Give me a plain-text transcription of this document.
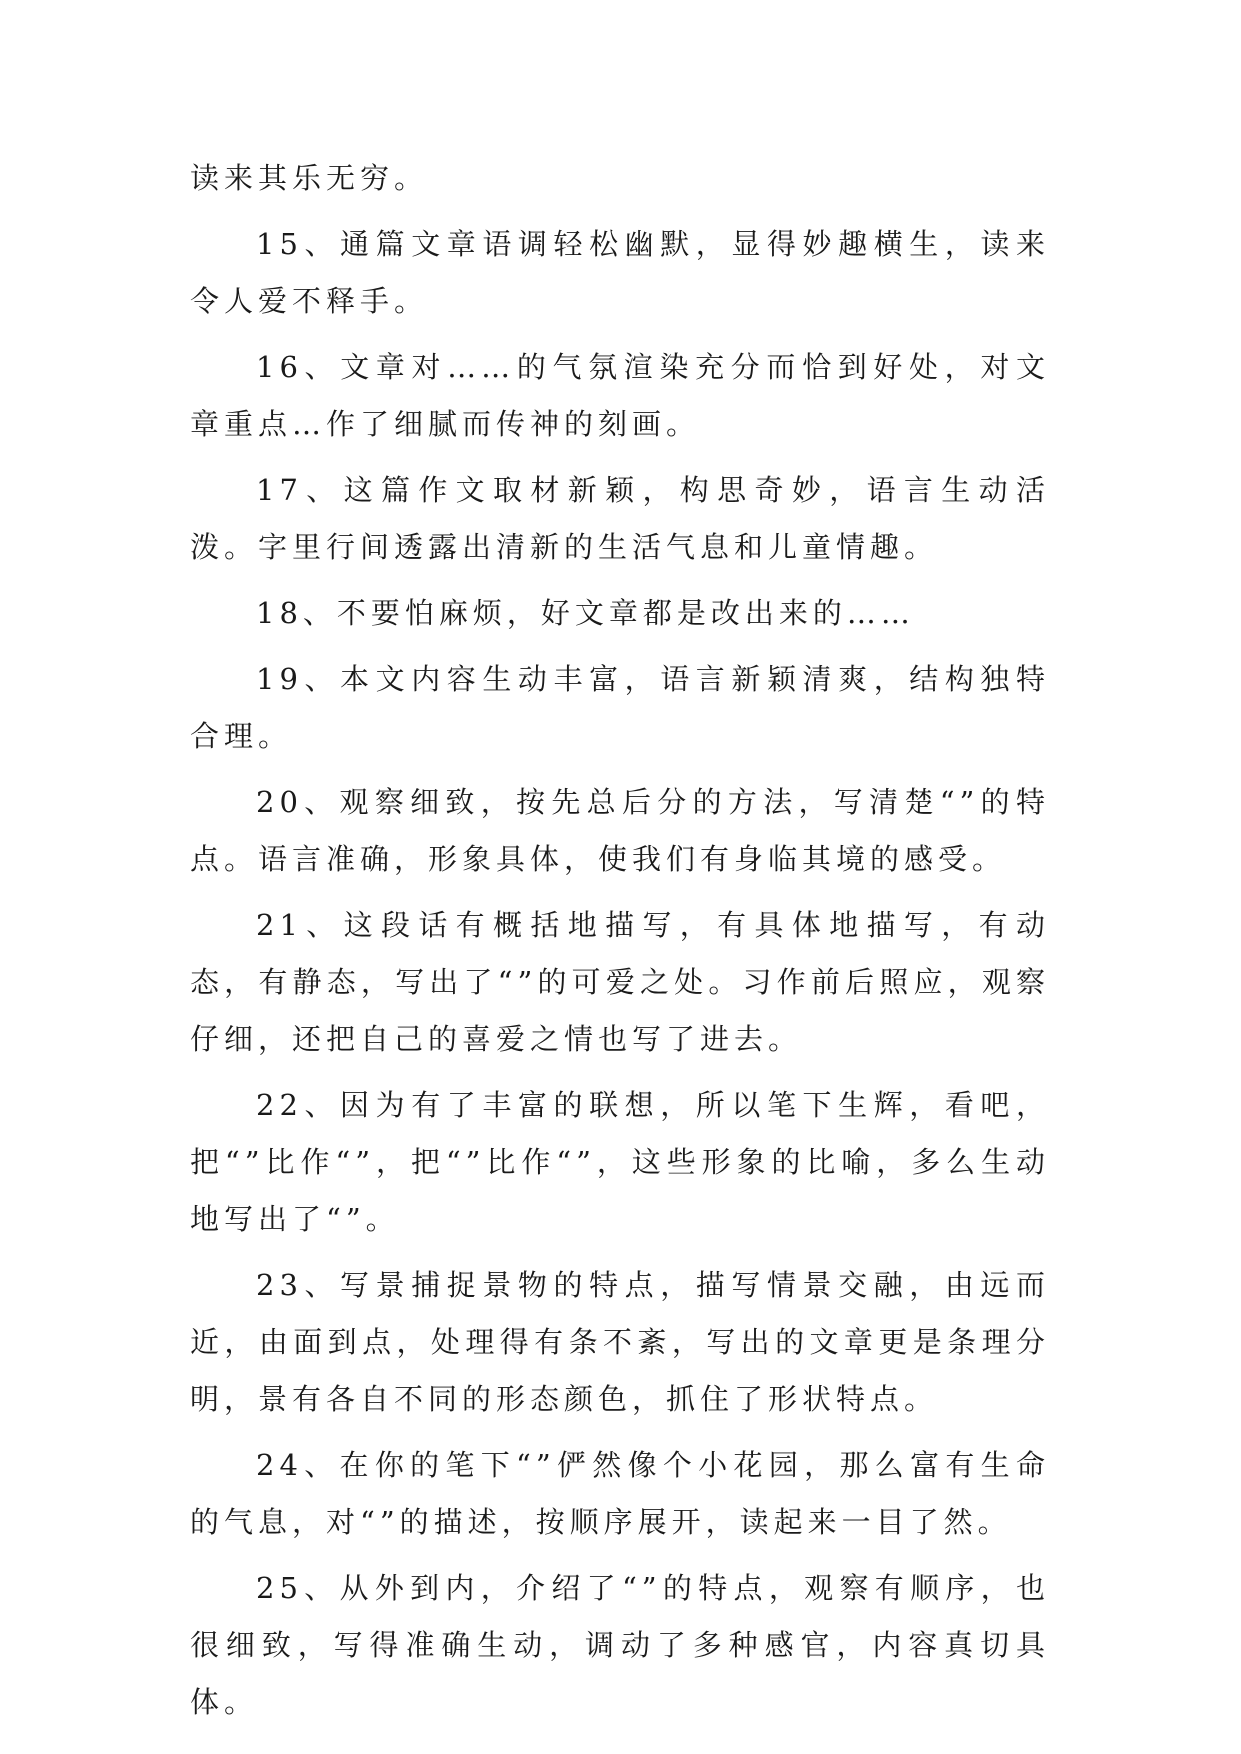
读来其乐无穷。

15、通篇文章语调轻松幽默，显得妙趣横生，读来令人爱不释手。

16、文章对……的气氛渲染充分而恰到好处，对文章重点…作了细腻而传神的刻画。

17、这篇作文取材新颖，构思奇妙，语言生动活泼。字里行间透露出清新的生活气息和儿童情趣。

18、不要怕麻烦，好文章都是改出来的……

19、本文内容生动丰富，语言新颖清爽，结构独特合理。

20、观察细致，按先总后分的方法，写清楚“”的特点。语言准确，形象具体，使我们有身临其境的感受。

21、这段话有概括地描写，有具体地描写，有动态，有静态，写出了“”的可爱之处。习作前后照应，观察仔细，还把自己的喜爱之情也写了进去。

22、因为有了丰富的联想，所以笔下生辉，看吧，把“”比作“”，把“”比作“”，这些形象的比喻，多么生动地写出了“”。

23、写景捕捉景物的特点，描写情景交融，由远而近，由面到点，处理得有条不紊，写出的文章更是条理分明，景有各自不同的形态颜色，抓住了形状特点。

24、在你的笔下“”俨然像个小花园，那么富有生命的气息，对“”的描述，按顺序展开，读起来一目了然。

25、从外到内，介绍了“”的特点，观察有顺序，也很细致，写得准确生动，调动了多种感官，内容真切具体。
